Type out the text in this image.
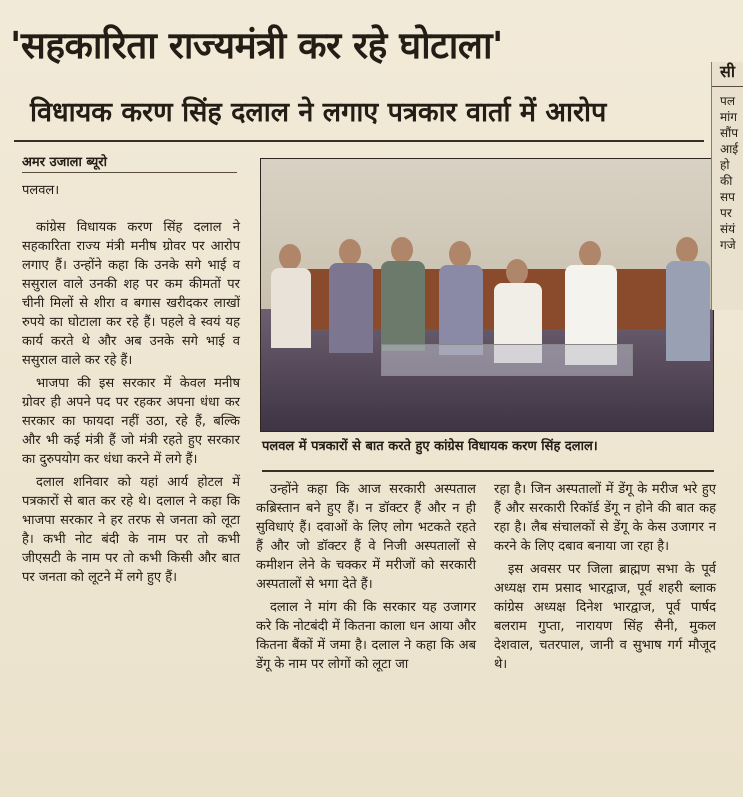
'सहकारिता राज्यमंत्री कर रहे घोटाला'
विधायक करण सिंह दलाल ने लगाए पत्रकार वार्ता में आरोप
अमर उजाला ब्यूरो
पलवल।

कांग्रेस विधायक करण सिंह दलाल ने सहकारिता राज्य मंत्री मनीष ग्रोवर पर आरोप लगाए हैं। उन्होंने कहा कि उनके सगे भाई व ससुराल वाले उनकी शह पर कम कीमतों पर चीनी मिलों से शीरा व बगास खरीदकर लाखों रुपये का घोटाला कर रहे हैं। पहले वे स्वयं यह कार्य करते थे और अब उनके सगे भाई व ससुराल वाले कर रहे हैं।

भाजपा की इस सरकार में केवल मनीष ग्रोवर ही अपने पद पर रहकर अपना धंधा कर सरकार का फायदा नहीं उठा, रहे हैं, बल्कि और भी कई मंत्री हैं जो मंत्री रहते हुए सरकार का दुरुपयोग कर धंधा करने में लगे हैं।

दलाल शनिवार को यहां आर्य होटल में पत्रकारों से बात कर रहे थे। दलाल ने कहा कि भाजपा सरकार ने हर तरफ से जनता को लूटा है। कभी नोट बंदी के नाम पर तो कभी जीएसटी के नाम पर तो कभी किसी और बात पर जनता को लूटने में लगे हुए हैं।

पलवल में पत्रकारों से बात करते हुए कांग्रेस विधायक करण सिंह दलाल।

उन्होंने कहा कि आज सरकारी अस्पताल कब्रिस्तान बने हुए हैं। न डॉक्टर हैं और न ही सुविधाएं हैं। दवाओं के लिए लोग भटकते रहते हैं और जो डॉक्टर हैं वे निजी अस्पतालों से कमीशन लेने के चक्कर में मरीजों को सरकारी अस्पतालों से भगा देते हैं।

दलाल ने मांग की कि सरकार यह उजागर करे कि नोटबंदी में कितना काला धन आया और कितना बैंकों में जमा है। दलाल ने कहा कि अब डेंगू के नाम पर लोगों को लूटा जा

रहा है। जिन अस्पतालों में डेंगू के मरीज भरे हुए हैं और सरकारी रिकॉर्ड डेंगू न होने की बात कह रहा है। लैब संचालकों से डेंगू के केस उजागर न करने के लिए दबाव बनाया जा रहा है।

इस अवसर पर जिला ब्राह्मण सभा के पूर्व अध्यक्ष राम प्रसाद भारद्वाज, पूर्व शहरी ब्लाक कांग्रेस अध्यक्ष दिनेश भारद्वाज, पूर्व पार्षद बलराम गुप्ता, नारायण सिंह सैनी, मुकल देशवाल, चतरपाल, जानी व सुभाष गर्ग मौजूद थे।

सी
पल
मांग
सौंप
आई
हो
की
सप
पर
संयं
गजे
